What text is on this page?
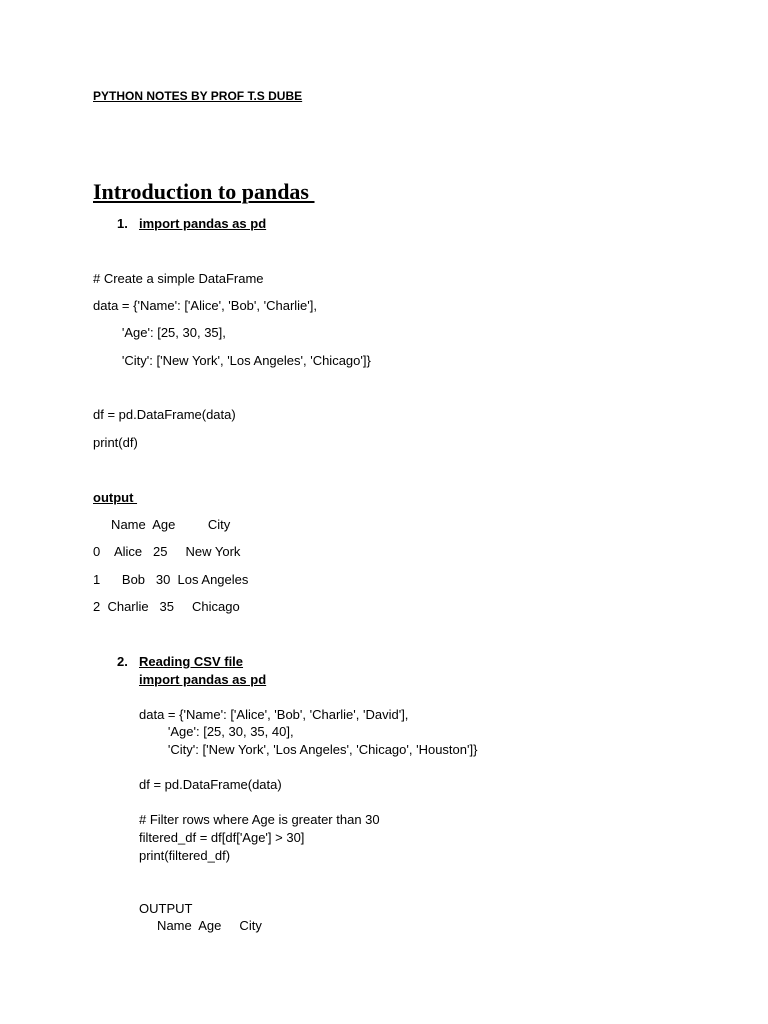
PYTHON NOTES BY PROF T.S DUBE
Introduction to pandas
1. import pandas as pd
# Create a simple DataFrame
data = {'Name': ['Alice', 'Bob', 'Charlie'],
'Age': [25, 30, 35],
'City': ['New York', 'Los Angeles', 'Chicago']}
df = pd.DataFrame(data)
print(df)
output
Name  Age         City
0    Alice   25     New York
1      Bob   30  Los Angeles
2  Charlie   35     Chicago
2. Reading CSV file
import pandas as pd
data = {'Name': ['Alice', 'Bob', 'Charlie', 'David'],
'Age': [25, 30, 35, 40],
'City': ['New York', 'Los Angeles', 'Chicago', 'Houston']}
df = pd.DataFrame(data)
# Filter rows where Age is greater than 30
filtered_df = df[df['Age'] > 30]
print(filtered_df)
OUTPUT
Name  Age     City
